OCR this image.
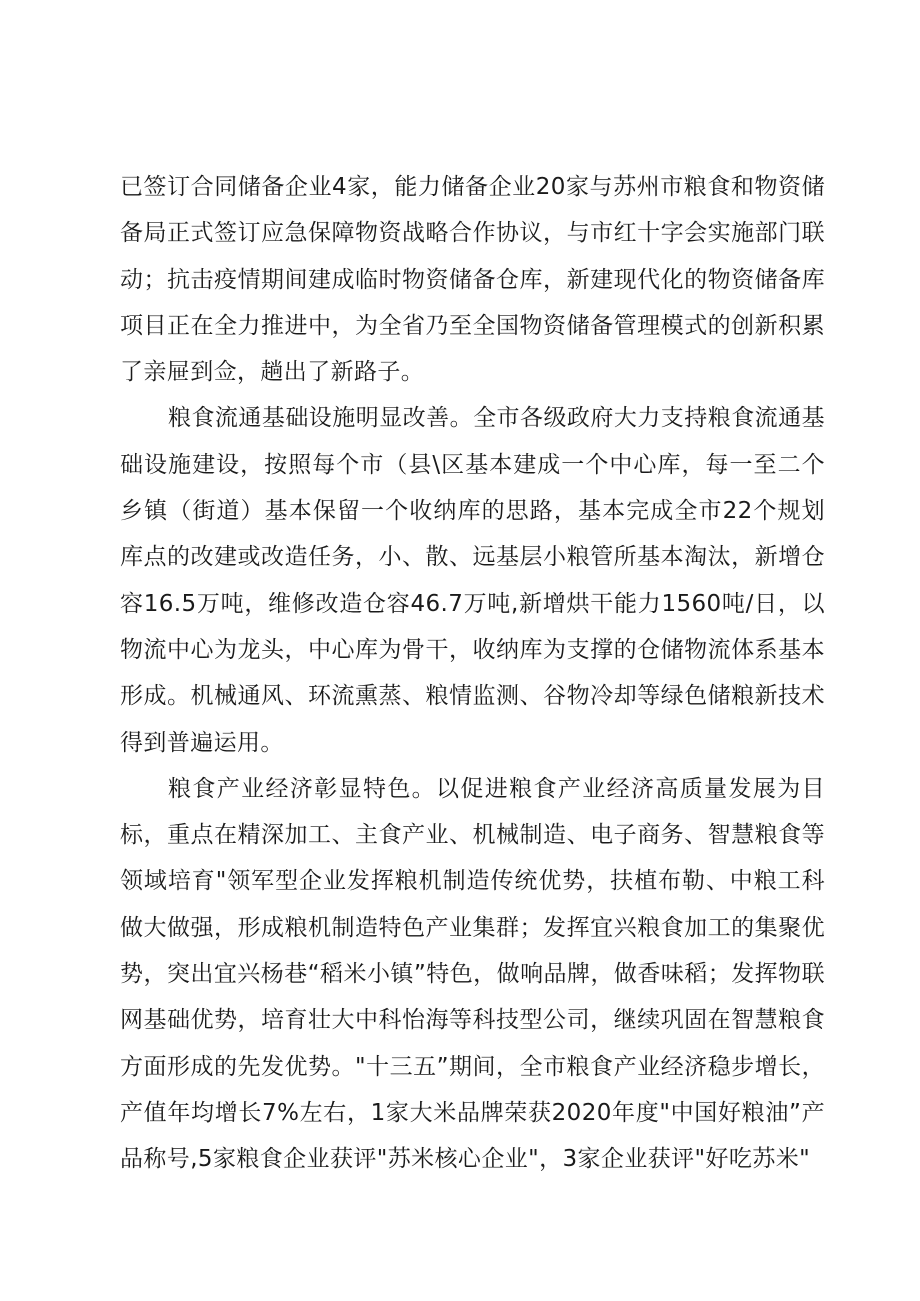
已签订合同储备企业4家，能力储备企业20家与苏州市粮食和物资储备局正式签订应急保障物资战略合作协议，与市红十字会实施部门联动；抗击疫情期间建成临时物资储备仓库，新建现代化的物资储备库项目正在全力推进中，为全省乃至全国物资储备管理模式的创新积累了亲屉到佥，趟出了新路子。

粮食流通基础设施明显改善。全市各级政府大力支持粮食流通基础设施建设，按照每个市（县\区基本建成一个中心库，每一至二个乡镇（街道）基本保留一个收纳库的思路，基本完成全市22个规划库点的改建或改造任务，小、散、远基层小粮管所基本淘汰，新增仓容16.5万吨，维修改造仓容46.7万吨,新增烘干能力1560吨/日，以物流中心为龙头，中心库为骨干，收纳库为支撑的仓储物流体系基本形成。机械通风、环流熏蒸、粮情监测、谷物冷却等绿色储粮新技术得到普遍运用。

粮食产业经济彰显特色。以促进粮食产业经济高质量发展为目标，重点在精深加工、主食产业、机械制造、电子商务、智慧粮食等领域培育"领军型企业发挥粮机制造传统优势，扶植布勒、中粮工科做大做强，形成粮机制造特色产业集群；发挥宜兴粮食加工的集聚优势，突出宜兴杨巷“稻米小镇”特色，做响品牌，做香味稻；发挥物联网基础优势，培育壮大中科怡海等科技型公司，继续巩固在智慧粮食方面形成的先发优势。"十三五”期间，全市粮食产业经济稳步增长，产值年均增长7%左右，1家大米品牌荣获2020年度"中国好粮油”产品称号,5家粮食企业获评"苏米核心企业"，3家企业获评"好吃苏米"
